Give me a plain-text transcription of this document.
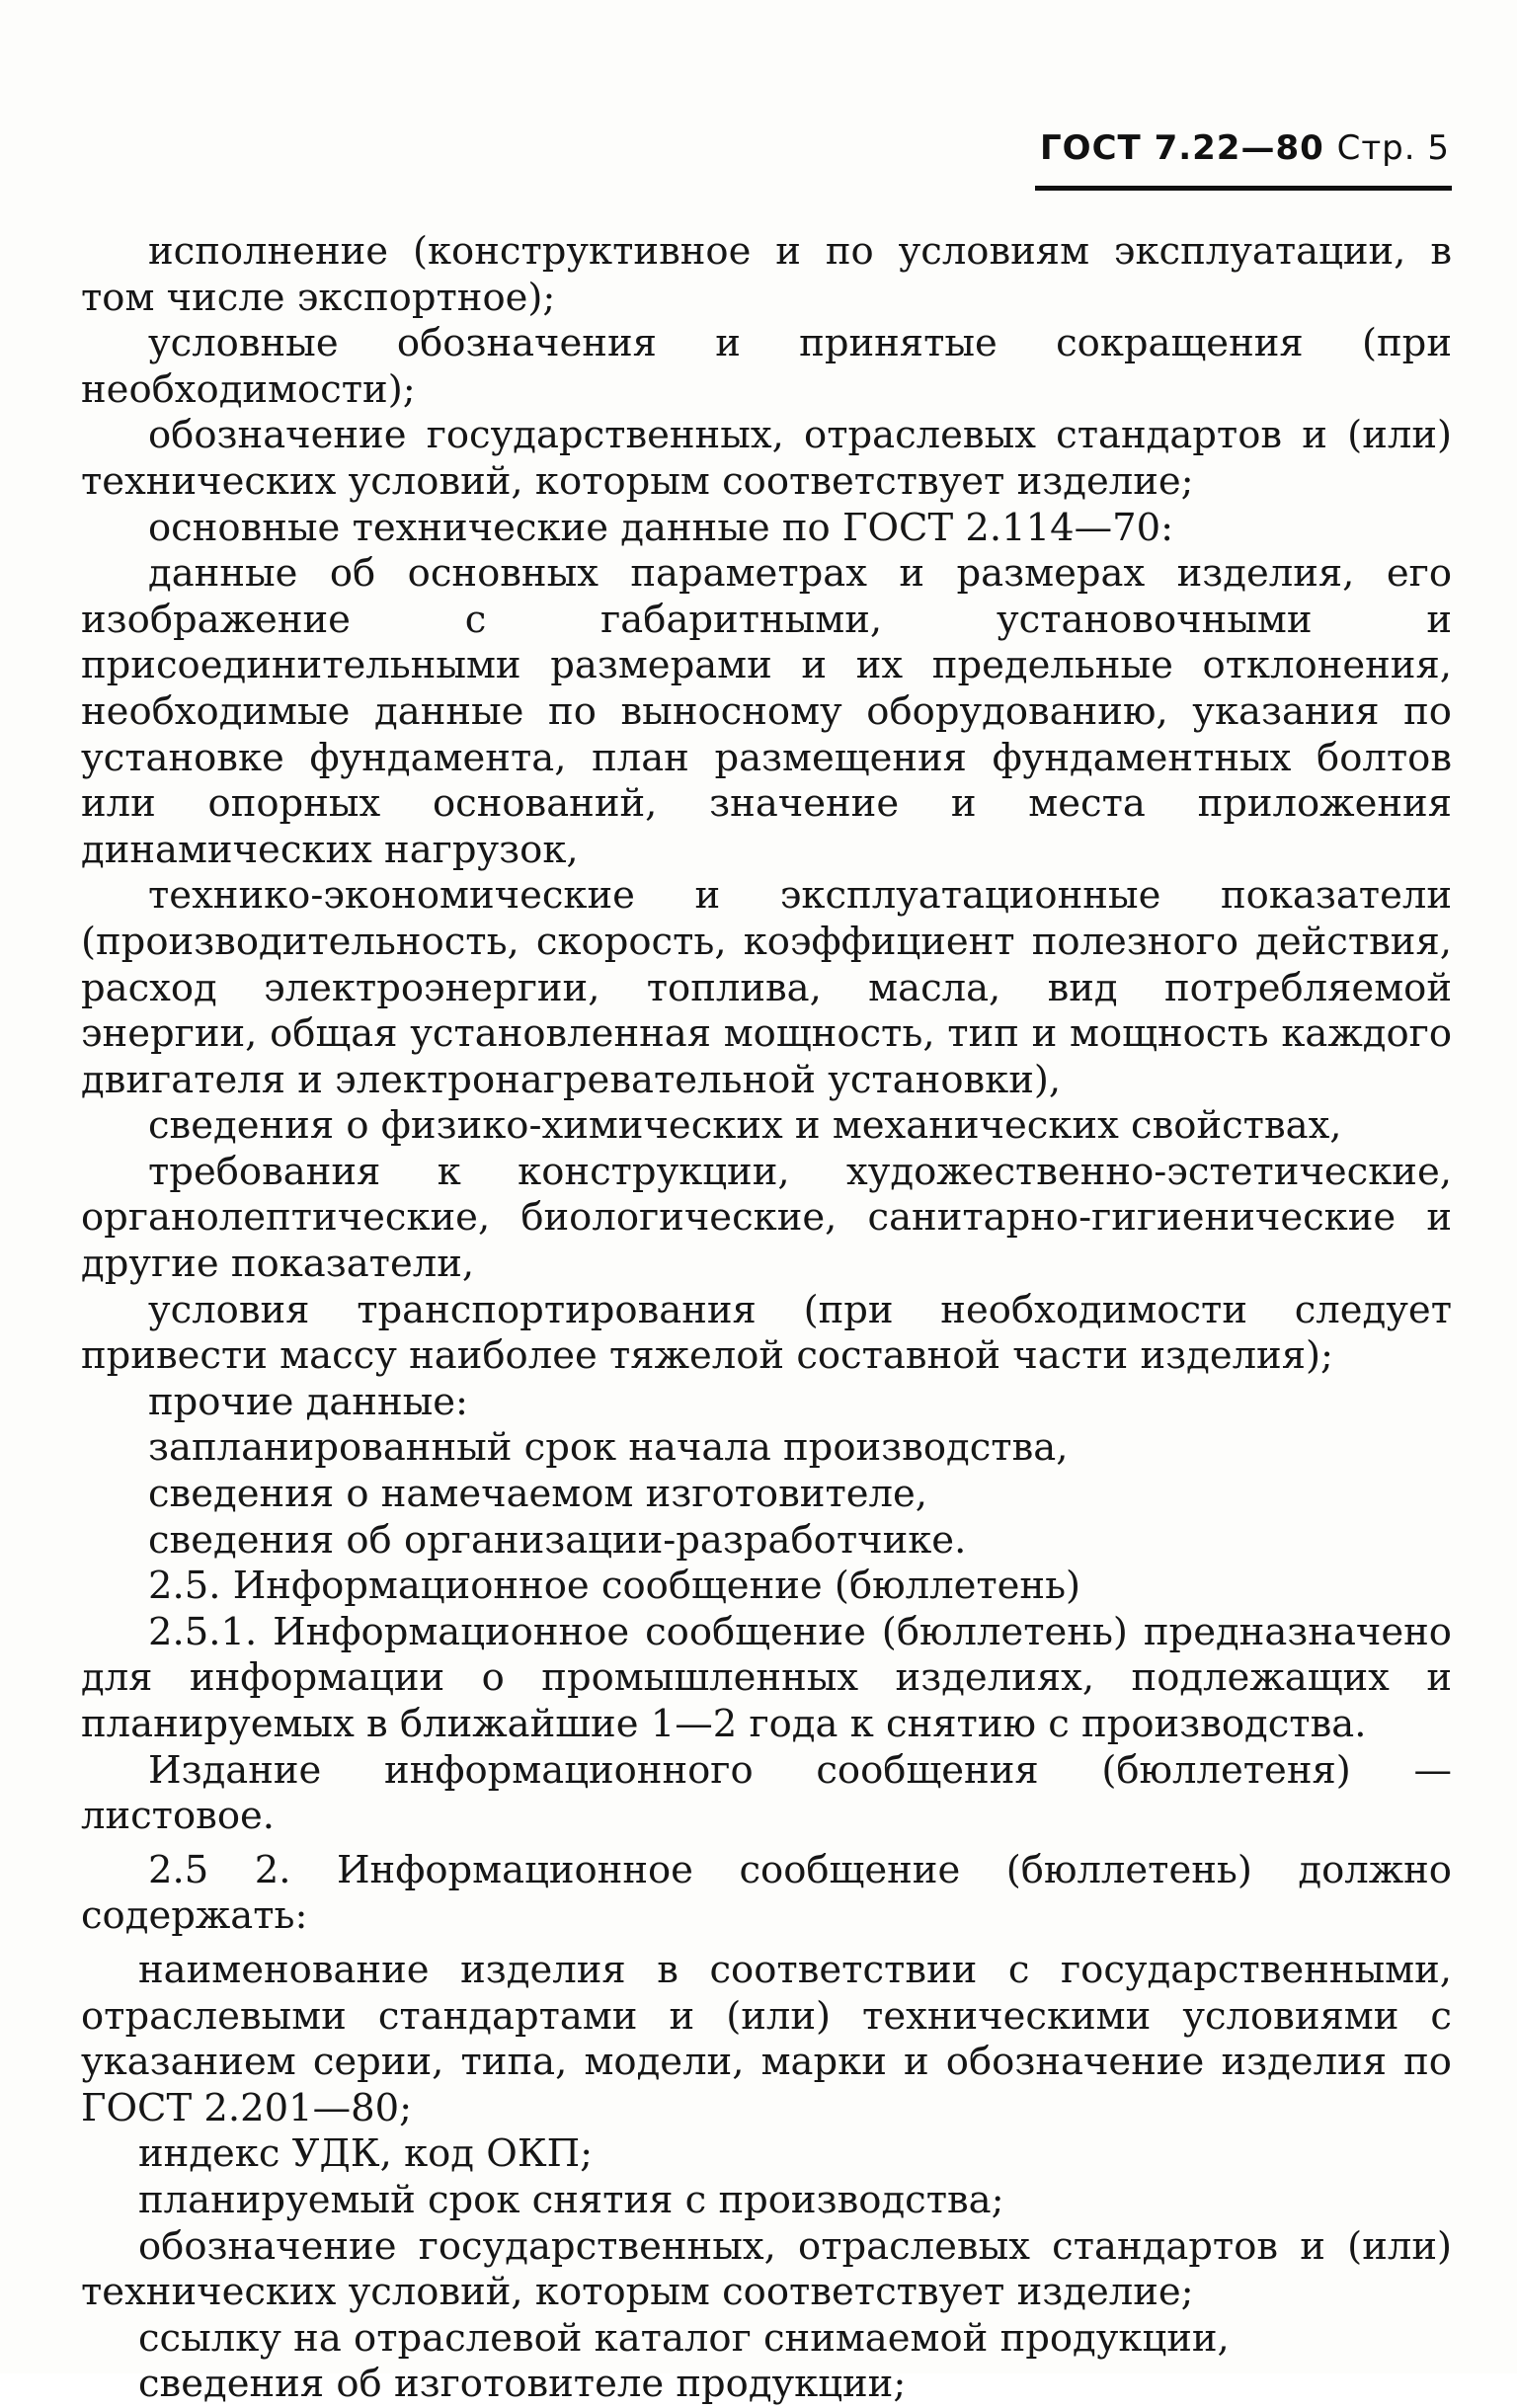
ГОСТ 7.22—80 Стр. 5

исполнение (конструктивное и по условиям эксплуатации, в том числе экспортное);

условные обозначения и принятые сокращения (при необходимости);

обозначение государственных, отраслевых стандартов и (или) технических условий, которым соответствует изделие;

основные технические данные по ГОСТ 2.114—70:

данные об основных параметрах и размерах изделия, его изображение с габаритными, установочными и присоединительными размерами и их предельные отклонения, необходимые данные по выносному оборудованию, указания по установке фундамента, план размещения фундаментных болтов или опорных оснований, значение и места приложения динамических нагрузок,

технико-экономические и эксплуатационные показатели (производительность, скорость, коэффициент полезного действия, расход электроэнергии, топлива, масла, вид потребляемой энергии, общая установленная мощность, тип и мощность каждого двигателя и электронагревательной установки),

сведения о физико-химических и механических свойствах,

требования к конструкции, художественно-эстетические, органолептические, биологические, санитарно-гигиенические и другие показатели,

условия транспортирования (при необходимости следует привести массу наиболее тяжелой составной части изделия);

прочие данные:

запланированный срок начала производства,

сведения о намечаемом изготовителе,

сведения об организации-разработчике.

2.5. Информационное сообщение (бюллетень)

2.5.1. Информационное сообщение (бюллетень) предназначено для информации о промышленных изделиях, подлежащих и планируемых в ближайшие 1—2 года к снятию с производства.

Издание информационного сообщения (бюллетеня) — листовое.

2.5 2. Информационное сообщение (бюллетень) должно содержать:

наименование изделия в соответствии с государственными, отраслевыми стандартами и (или) техническими условиями с указанием серии, типа, модели, марки и обозначение изделия по ГОСТ 2.201—80;

индекс УДК, код ОКП;

планируемый срок снятия с производства;

обозначение государственных, отраслевых стандартов и (или) технических условий, которым соответствует изделие;

ссылку на отраслевой каталог снимаемой продукции,

сведения об изготовителе продукции;
